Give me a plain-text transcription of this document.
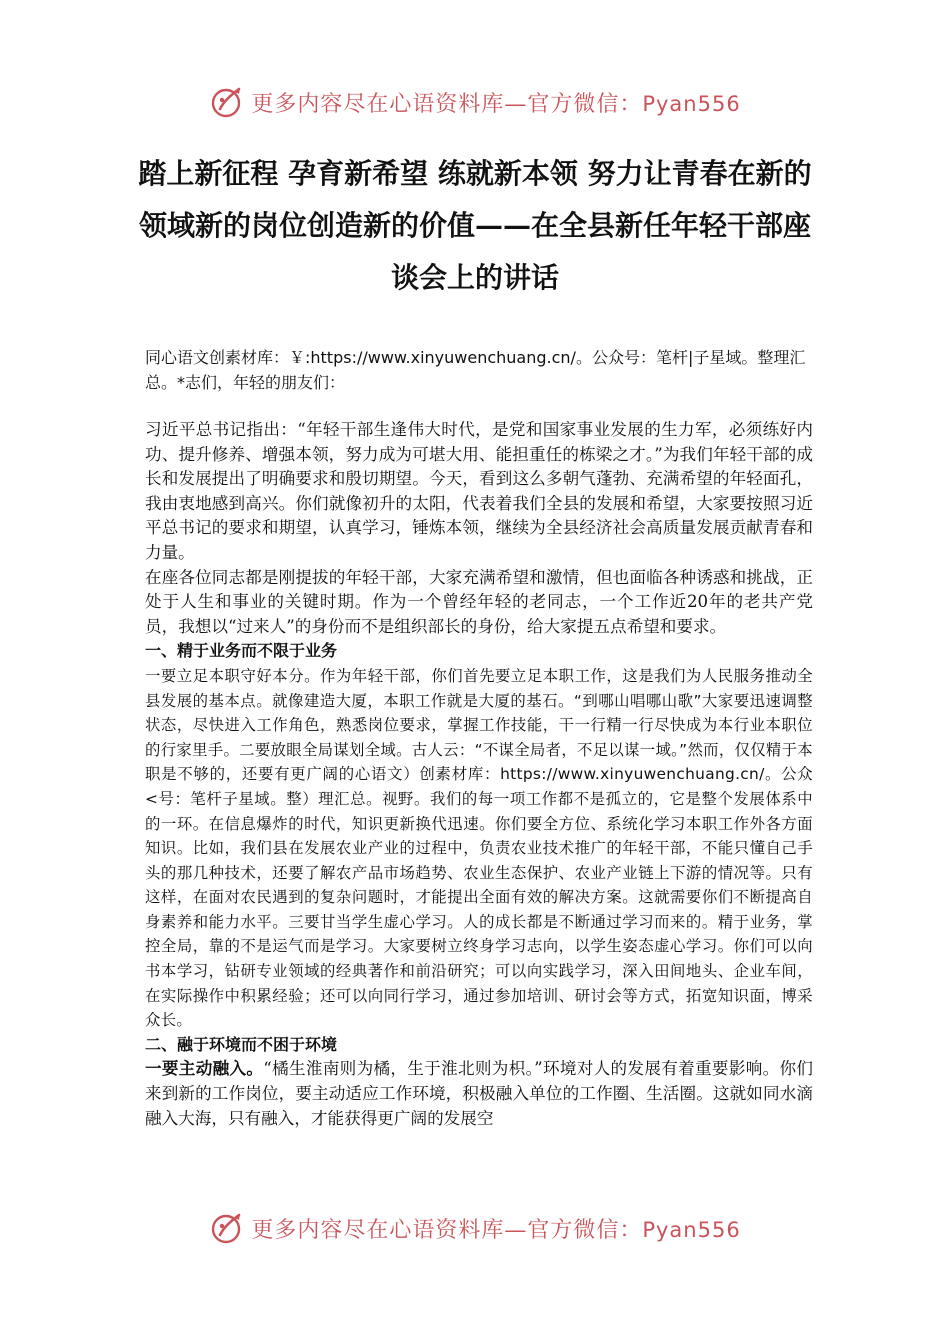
更多内容尽在心语资料库—官方微信：Pyan556
踏上新征程 孕育新希望 练就新本领 努力让青春在新的领域新的岗位创造新的价值——在全县新任年轻干部座谈会上的讲话

同心语文创素材库：￥:https://www.xinyuwenchuang.cn/。公众号：笔杆|子星域。整理汇总。*志们，年轻的朋友们：

习近平总书记指出：“年轻干部生逢伟大时代，是党和国家事业发展的生力军，必须练好内功、提升修养、增强本领，努力成为可堪大用、能担重任的栋梁之才。”为我们年轻干部的成长和发展提出了明确要求和殷切期望。今天，看到这么多朝气蓬勃、充满希望的年轻面孔，我由衷地感到高兴。你们就像初升的太阳，代表着我们全县的发展和希望，大家要按照习近平总书记的要求和期望，认真学习，锤炼本领，继续为全县经济社会高质量发展贡献青春和力量。

在座各位同志都是刚提拔的年轻干部，大家充满希望和激情，但也面临各种诱惑和挑战，正处于人生和事业的关键时期。作为一个曾经年轻的老同志，一个工作近20年的老共产党员，我想以“过来人”的身份而不是组织部长的身份，给大家提五点希望和要求。

一、精于业务而不限于业务

一要立足本职守好本分。作为年轻干部，你们首先要立足本职工作，这是我们为人民服务推动全县发展的基本点。就像建造大厦，本职工作就是大厦的基石。“到哪山唱哪山歌”大家要迅速调整状态，尽快进入工作角色，熟悉岗位要求，掌握工作技能，干一行精一行尽快成为本行业本职位的行家里手。二要放眼全局谋划全域。古人云：“不谋全局者，不足以谋一域。”然而，仅仅精于本职是不够的，还要有更广阔的心语文）创素材库：https://www.xinyuwenchuang.cn/。公众<号：笔杆子星域。整）理汇总。视野。我们的每一项工作都不是孤立的，它是整个发展体系中的一环。在信息爆炸的时代，知识更新换代迅速。你们要全方位、系统化学习本职工作外各方面知识。比如，我们县在发展农业产业的过程中，负责农业技术推广的年轻干部，不能只懂自己手头的那几种技术，还要了解农产品市场趋势、农业生态保护、农业产业链上下游的情况等。只有这样，在面对农民遇到的复杂问题时，才能提出全面有效的解决方案。这就需要你们不断提高自身素养和能力水平。三要甘当学生虚心学习。人的成长都是不断通过学习而来的。精于业务，掌控全局，靠的不是运气而是学习。大家要树立终身学习志向，以学生姿态虚心学习。你们可以向书本学习，钻研专业领域的经典著作和前沿研究；可以向实践学习，深入田间地头、企业车间，在实际操作中积累经验；还可以向同行学习，通过参加培训、研讨会等方式，拓宽知识面，博采众长。

二、融于环境而不困于环境

一要主动融入。“橘生淮南则为橘，生于淮北则为枳。”环境对人的发展有着重要影响。你们来到新的工作岗位，要主动适应工作环境，积极融入单位的工作圈、生活圈。这就如同水滴融入大海，只有融入，才能获得更广阔的发展空

更多内容尽在心语资料库—官方微信：Pyan556
